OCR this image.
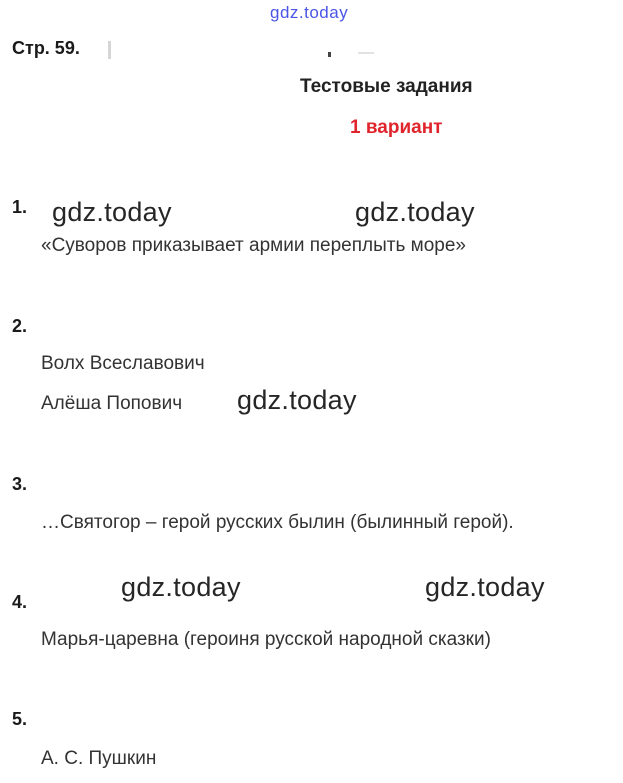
gdz.today
Стр. 59.
Тестовые задания
1 вариант
1. gdz.today	gdz.today
«Суворов приказывает армии переплыть море»
2.
Волх Всеславович
Алёша Попович gdz.today
3.
…Святогор – герой русских былин (былинный герой).
gdz.today	gdz.today
4.
Марья-царевна (героиня русской народной сказки)
5.
А. С. Пушкин
